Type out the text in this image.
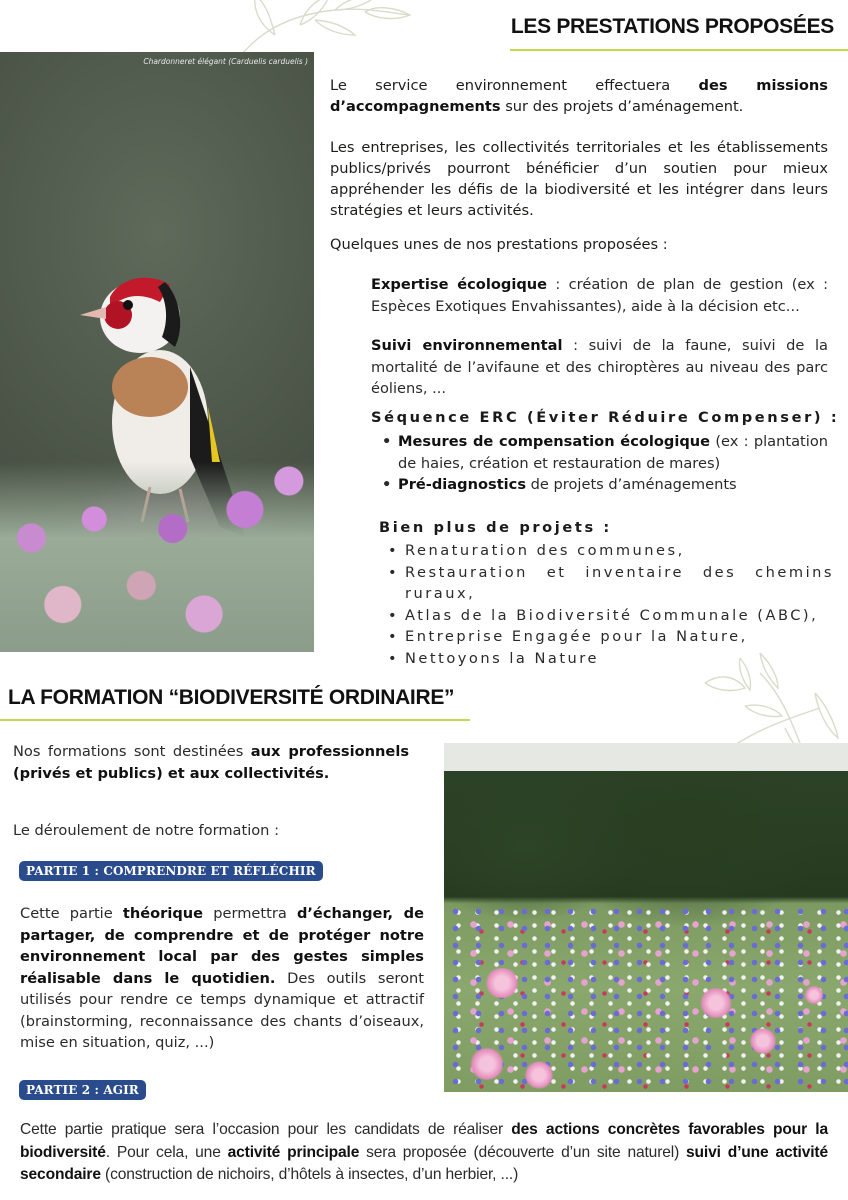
LES PRESTATIONS PROPOSÉES
Chardonneret élégant (Carduelis carduelis )

Le service environnement effectuera des missions d’accompagnements sur des projets d’aménagement.

Les entreprises, les collectivités territoriales et les établissements publics/privés pourront bénéficier d’un soutien pour mieux appréhender les défis de la biodiversité et les intégrer dans leurs stratégies et leurs activités.

Quelques unes de nos prestations proposées :

Expertise écologique : création de plan de gestion (ex : Espèces Exotiques Envahissantes), aide à la décision etc...

Suivi environnemental : suivi de la faune, suivi de la mortalité de l’avifaune et des chiroptères au niveau des parc éoliens, ...

Séquence ERC (Éviter Réduire Compenser) :
• Mesures de compensation écologique (ex : plantation de haies, création et restauration de mares)
• Pré-diagnostics de projets d’aménagements
Bien plus de projets :
• Renaturation des communes,
• Restauration et inventaire des chemins ruraux,
• Atlas de la Biodiversité Communale (ABC),
• Entreprise Engagée pour la Nature,
• Nettoyons la Nature
LA FORMATION “BIODIVERSITÉ ORDINAIRE”

Nos formations sont destinées aux professionnels (privés et publics) et aux collectivités.

Le déroulement de notre formation :

PARTIE 1 : COMPRENDRE ET RÉFLÉCHIR

Cette partie théorique permettra d’échanger, de partager, de comprendre et de protéger notre environnement local par des gestes simples réalisable dans le quotidien. Des outils seront utilisés pour rendre ce temps dynamique et attractif (brainstorming, reconnaissance des chants d’oiseaux, mise en situation, quiz, ...)

PARTIE 2 : AGIR

Cette partie pratique sera l’occasion pour les candidats de réaliser des actions concrètes favorables pour la biodiversité. Pour cela, une activité principale sera proposée (découverte d’un site naturel) suivi d’une activité secondaire (construction de nichoirs, d’hôtels à insectes, d’un herbier, ...)
